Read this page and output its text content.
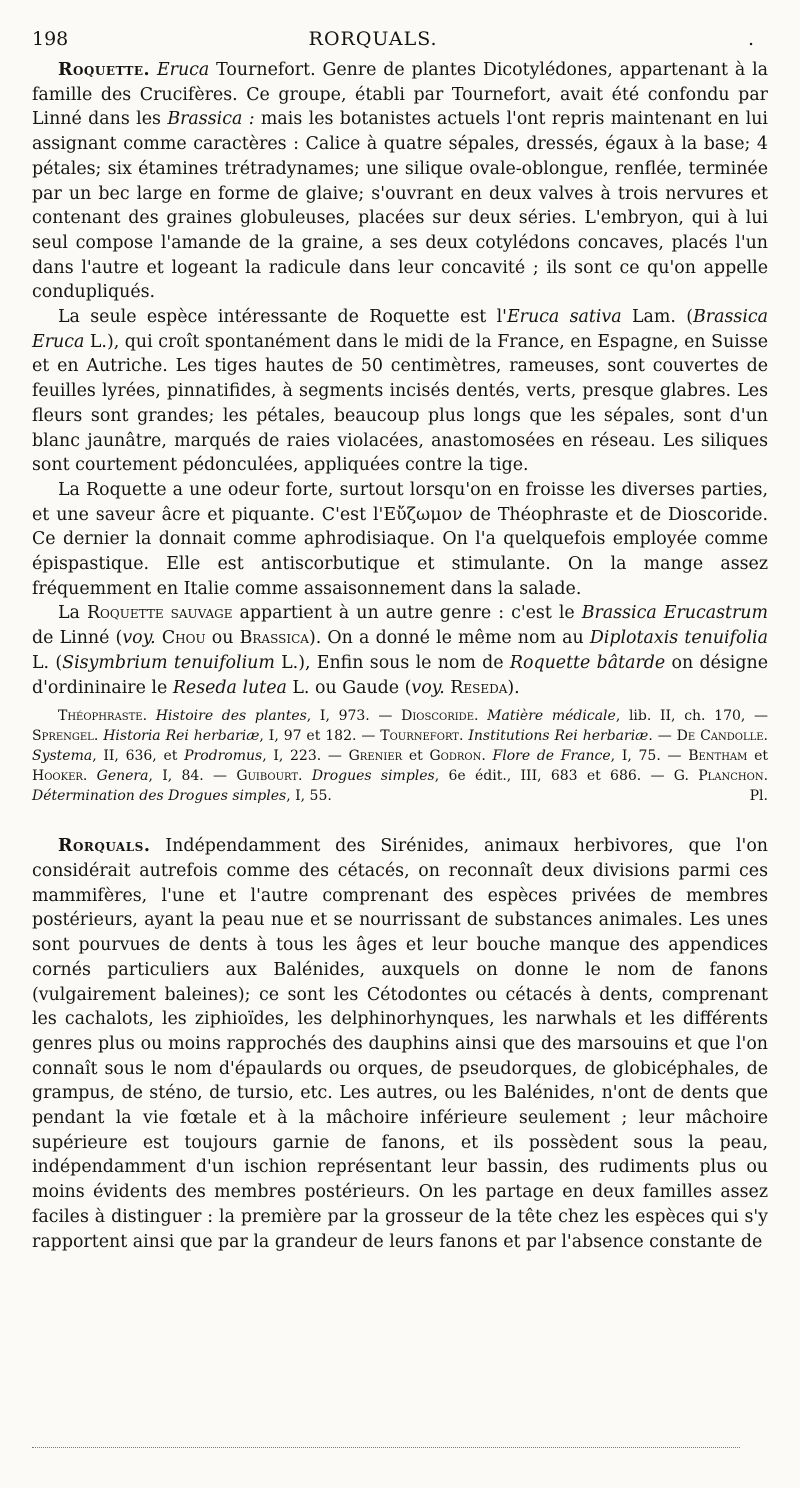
198	RORQUALS.	.

Roquette. Eruca Tournefort. Genre de plantes Dicotylédones, appartenant à la famille des Crucifères. Ce groupe, établi par Tournefort, avait été confondu par Linné dans les Brassica : mais les botanistes actuels l'ont repris maintenant en lui assignant comme caractères : Calice à quatre sépales, dressés, égaux à la base; 4 pétales; six étamines trétradynames; une silique ovale-oblongue, renflée, terminée par un bec large en forme de glaive; s'ouvrant en deux valves à trois nervures et contenant des graines globuleuses, placées sur deux séries. L'embryon, qui à lui seul compose l'amande de la graine, a ses deux cotylédons concaves, placés l'un dans l'autre et logeant la radicule dans leur concavité ; ils sont ce qu'on appelle condupliqués.

La seule espèce intéressante de Roquette est l'Eruca sativa Lam. (Brassica Eruca L.), qui croît spontanément dans le midi de la France, en Espagne, en Suisse et en Autriche. Les tiges hautes de 50 centimètres, rameuses, sont couvertes de feuilles lyrées, pinnatifides, à segments incisés dentés, verts, presque glabres. Les fleurs sont grandes; les pétales, beaucoup plus longs que les sépales, sont d'un blanc jaunâtre, marqués de raies violacées, anastomosées en réseau. Les siliques sont courtement pédonculées, appliquées contre la tige.

La Roquette a une odeur forte, surtout lorsqu'on en froisse les diverses parties, et une saveur âcre et piquante. C'est l'Εὔζωμον de Théophraste et de Dioscoride. Ce dernier la donnait comme aphrodisiaque. On l'a quelquefois employée comme épispastique. Elle est antiscorbutique et stimulante. On la mange assez fréquemment en Italie comme assaisonnement dans la salade.

La Roquette sauvage appartient à un autre genre : c'est le Brassica Erucastrum de Linné (voy. Chou ou Brassica). On a donné le même nom au Diplotaxis tenuifolia L. (Sisymbrium tenuifolium L.), Enfin sous le nom de Roquette bâtarde on désigne d'ordininaire le Reseda lutea L. ou Gaude (voy. Reseda).

Théophraste. Histoire des plantes, I, 973. — Dioscoride. Matière médicale, lib. II, ch. 170, — Sprengel. Historia Rei herbariæ, I, 97 et 182. — Tournefort. Institutions Rei herbariæ. — De Candolle. Systema, II, 636, et Prodromus, I, 223. — Grenier et Godron. Flore de France, I, 75. — Bentham et Hooker. Genera, I, 84. — Guibourt. Drogues simples, 6e édit., III, 683 et 686. — G. Planchon. Détermination des Drogues simples, I, 55.	Pl.

Rorquals. Indépendamment des Sirénides, animaux herbivores, que l'on considérait autrefois comme des cétacés, on reconnaît deux divisions parmi ces mammifères, l'une et l'autre comprenant des espèces privées de membres postérieurs, ayant la peau nue et se nourrissant de substances animales. Les unes sont pourvues de dents à tous les âges et leur bouche manque des appendices cornés particuliers aux Balénides, auxquels on donne le nom de fanons (vulgairement baleines); ce sont les Cétodontes ou cétacés à dents, comprenant les cachalots, les ziphioïdes, les delphinorhynques, les narwhals et les différents genres plus ou moins rapprochés des dauphins ainsi que des marsouins et que l'on connaît sous le nom d'épaulards ou orques, de pseudorques, de globicéphales, de grampus, de sténo, de tursio, etc. Les autres, ou les Balénides, n'ont de dents que pendant la vie fœtale et à la mâchoire inférieure seulement ; leur mâchoire supérieure est toujours garnie de fanons, et ils possèdent sous la peau, indépendamment d'un ischion représentant leur bassin, des rudiments plus ou moins évidents des membres postérieurs. On les partage en deux familles assez faciles à distinguer : la première par la grosseur de la tête chez les espèces qui s'y rapportent ainsi que par la grandeur de leurs fanons et par l'absence constante de
